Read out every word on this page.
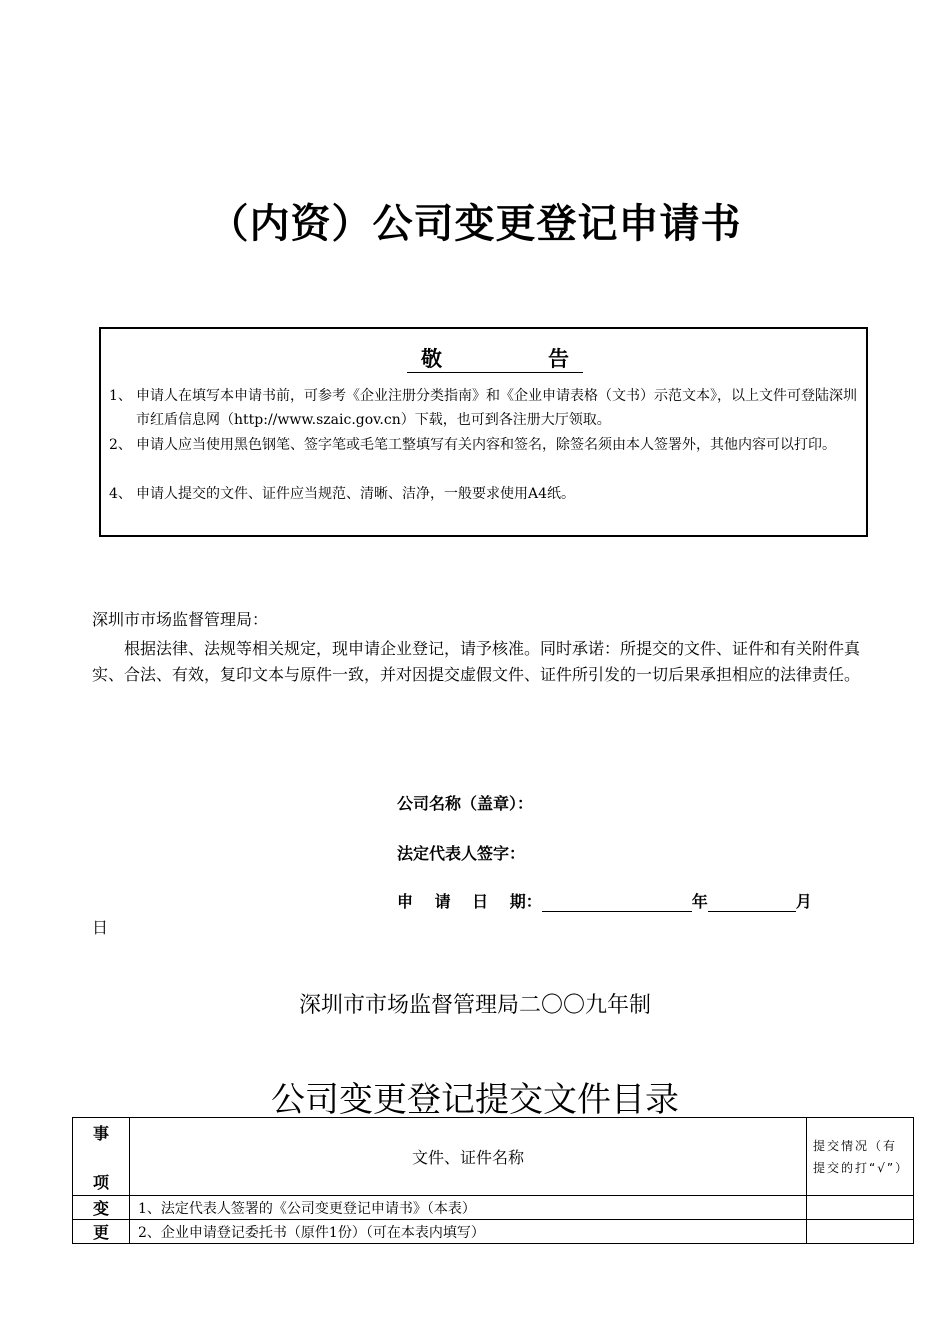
（内资）公司变更登记申请书
敬	告
1、 申请人在填写本申请书前，可参考《企业注册分类指南》和《企业申请表格（文书）示范文本》，以上文件可登陆深圳市红盾信息网（http://www.szaic.gov.cn）下载，也可到各注册大厅领取。
2、 申请人应当使用黑色钢笔、签字笔或毛笔工整填写有关内容和签名，除签名须由本人签署外，其他内容可以打印。
4、 申请人提交的文件、证件应当规范、清晰、洁净，一般要求使用A4纸。
深圳市市场监督管理局：
根据法律、法规等相关规定，现申请企业登记，请予核准。同时承诺：所提交的文件、证件和有关附件真实、合法、有效，复印文本与原件一致，并对因提交虚假文件、证件所引发的一切后果承担相应的法律责任。
公司名称（盖章）：
法定代表人签字：
申　 请　 日　 期：	年	月
日
深圳市市场监督管理局二〇〇九年制
公司变更登记提交文件目录
事
项	文件、证件名称	提交情况（有提交的打“√”）
变	1、法定代表人签署的《公司变更登记申请书》（本表）	
更	2、企业申请登记委托书（原件1份）（可在本表内填写）	
